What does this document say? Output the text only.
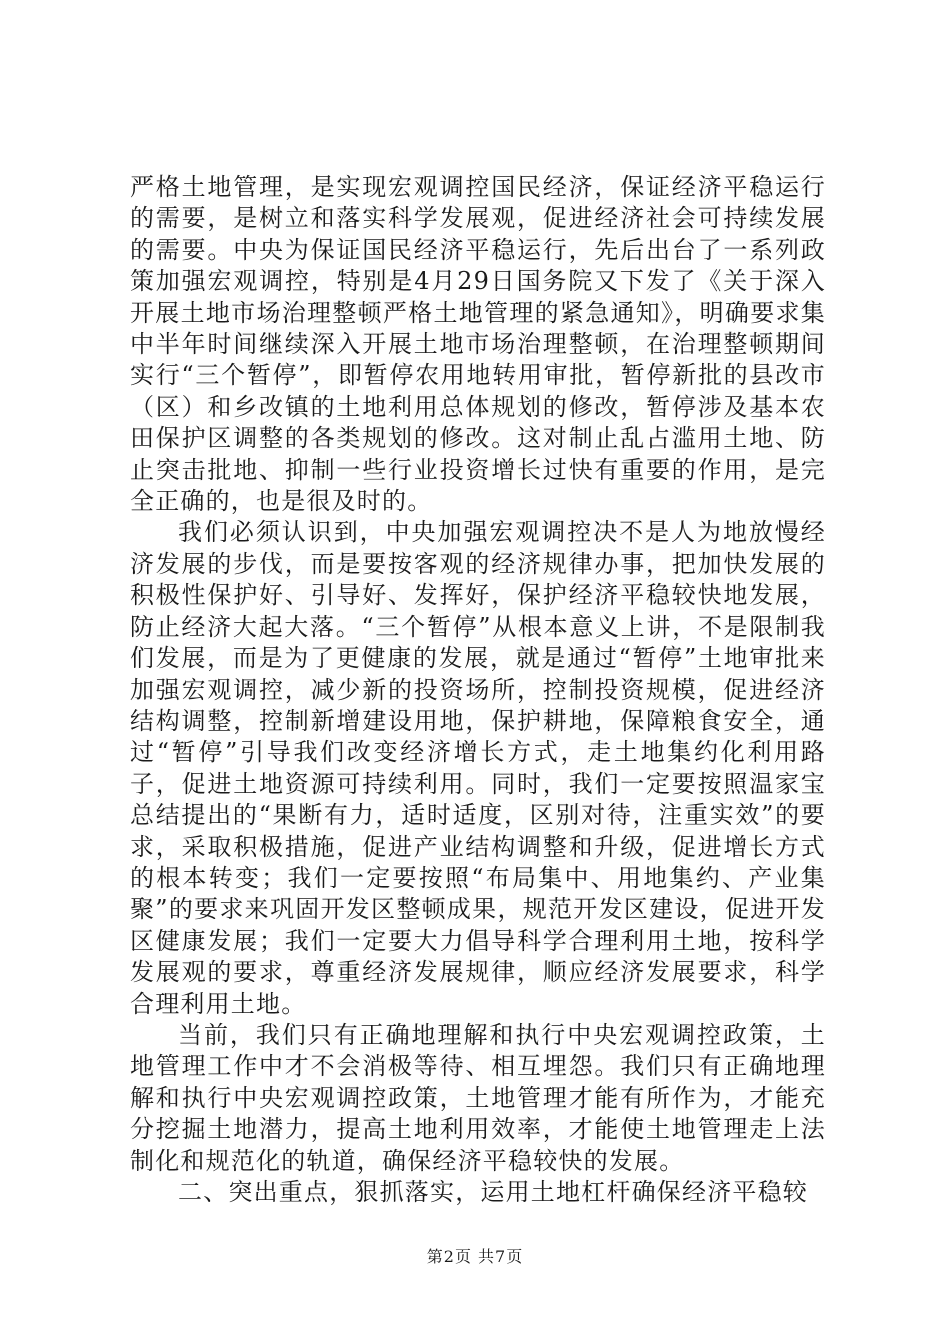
严格土地管理，是实现宏观调控国民经济，保证经济平稳运行的需要，是树立和落实科学发展观，促进经济社会可持续发展的需要。中央为保证国民经济平稳运行，先后出台了一系列政策加强宏观调控，特别是4月29日国务院又下发了《关于深入开展土地市场治理整顿严格土地管理的紧急通知》，明确要求集中半年时间继续深入开展土地市场治理整顿，在治理整顿期间实行“三个暂停”，即暂停农用地转用审批，暂停新批的县改市（区）和乡改镇的土地利用总体规划的修改，暂停涉及基本农田保护区调整的各类规划的修改。这对制止乱占滥用土地、防止突击批地、抑制一些行业投资增长过快有重要的作用，是完全正确的，也是很及时的。

我们必须认识到，中央加强宏观调控决不是人为地放慢经济发展的步伐，而是要按客观的经济规律办事，把加快发展的积极性保护好、引导好、发挥好，保护经济平稳较快地发展，防止经济大起大落。“三个暂停”从根本意义上讲，不是限制我们发展，而是为了更健康的发展，就是通过“暂停”土地审批来加强宏观调控，减少新的投资场所，控制投资规模，促进经济结构调整，控制新增建设用地，保护耕地，保障粮食安全，通过“暂停”引导我们改变经济增长方式，走土地集约化利用路子，促进土地资源可持续利用。同时，我们一定要按照温家宝总结提出的“果断有力，适时适度，区别对待，注重实效”的要求，采取积极措施，促进产业结构调整和升级，促进增长方式的根本转变；我们一定要按照“布局集中、用地集约、产业集聚”的要求来巩固开发区整顿成果，规范开发区建设，促进开发区健康发展；我们一定要大力倡导科学合理利用土地，按科学发展观的要求，尊重经济发展规律，顺应经济发展要求，科学合理利用土地。

当前，我们只有正确地理解和执行中央宏观调控政策，土地管理工作中才不会消极等待、相互埋怨。我们只有正确地理解和执行中央宏观调控政策，土地管理才能有所作为，才能充分挖掘土地潜力，提高土地利用效率，才能使土地管理走上法制化和规范化的轨道，确保经济平稳较快的发展。

二、突出重点，狠抓落实，运用土地杠杆确保经济平稳较

第2页 共7页
